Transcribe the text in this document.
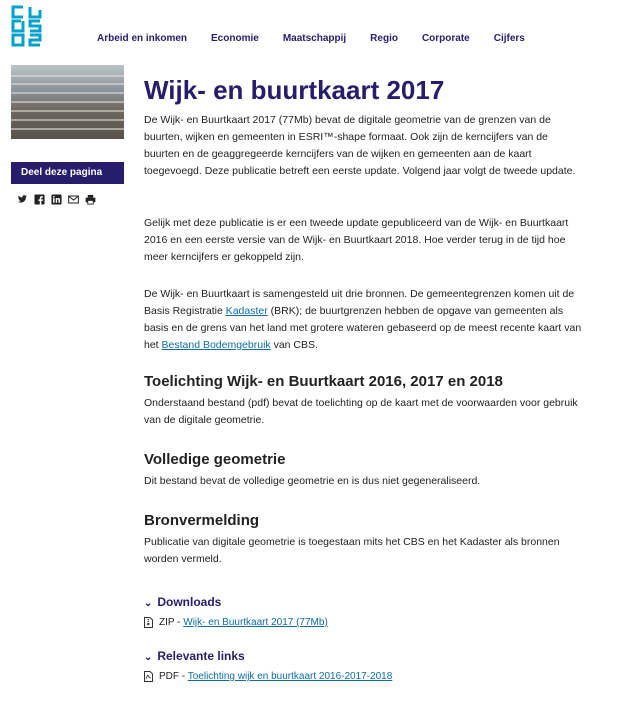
Arbeid en inkomen Economie Maatschappij Regio Corporate Cijfers
Deel deze pagina
Wijk- en buurtkaart 2017

De Wijk- en Buurtkaart 2017 (77Mb) bevat de digitale geometrie van de grenzen van de buurten, wijken en gemeenten in ESRI™-shape formaat. Ook zijn de kerncijfers van de buurten en de geaggregeerde kerncijfers van de wijken en gemeenten aan de kaart toegevoegd. Deze publicatie betreft een eerste update. Volgend jaar volgt de tweede update.

Gelijk met deze publicatie is er een tweede update gepubliceerd van de Wijk- en Buurtkaart 2016 en een eerste versie van de Wijk- en Buurtkaart 2018. Hoe verder terug in de tijd hoe meer kerncijfers er gekoppeld zijn.

De Wijk- en Buurtkaart is samengesteld uit drie bronnen. De gemeentegrenzen komen uit de Basis Registratie Kadaster (BRK); de buurtgrenzen hebben de opgave van gemeenten als basis en de grens van het land met grotere wateren gebaseerd op de meest recente kaart van het Bestand Bodemgebruik van CBS.

Toelichting Wijk- en Buurtkaart 2016, 2017 en 2018

Onderstaand bestand (pdf) bevat de toelichting op de kaart met de voorwaarden voor gebruik van de digitale geometrie.

Volledige geometrie

Dit bestand bevat de volledige geometrie en is dus niet gegeneraliseerd.

Bronvermelding

Publicatie van digitale geometrie is toegestaan mits het CBS en het Kadaster als bronnen worden vermeld.

⌄ Downloads
ZIP - Wijk- en Buurtkaart 2017 (77Mb)
⌄ Relevante links
PDF - Toelichting wijk en buurtkaart 2016-2017-2018
